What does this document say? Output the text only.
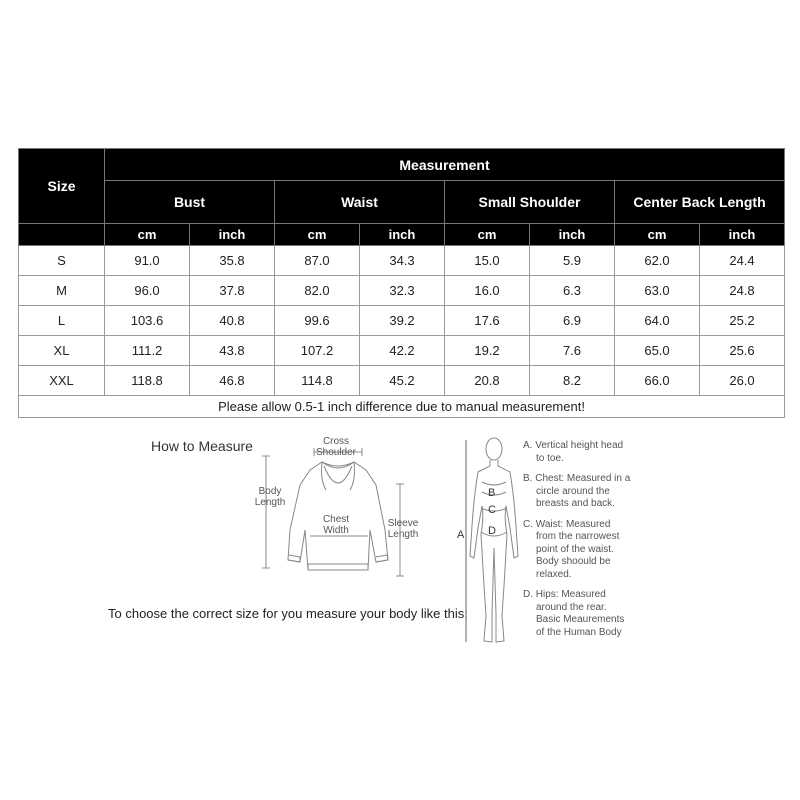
Size	Measurement							
	Bust		Waist		Small Shoulder		Center Back Length	
	cm	inch	cm	inch	cm	inch	cm	inch
S	91.0	35.8	87.0	34.3	15.0	5.9	62.0	24.4
M	96.0	37.8	82.0	32.3	16.0	6.3	63.0	24.8
L	103.6	40.8	99.6	39.2	17.6	6.9	64.0	25.2
XL	111.2	43.8	107.2	42.2	19.2	7.6	65.0	25.6
XXL	118.8	46.8	114.8	45.2	20.8	8.2	66.0	26.0
Please allow 0.5-1 inch difference due to manual measurement!								
How to Measure
To choose the correct size for you measure your body like this:
Cross
Shoulder
Body
Length
Chest
Width
Sleeve
Length	A
B
C
D
A. Vertical height head
to toe.
B. Chest: Measured in a
circle around the
breasts and back.
C. Waist: Measured
from the narrowest
point of the waist.
Body shoould be
relaxed.
D. Hips: Measured
around the rear.
Basic Meaurements
of the Human Body
